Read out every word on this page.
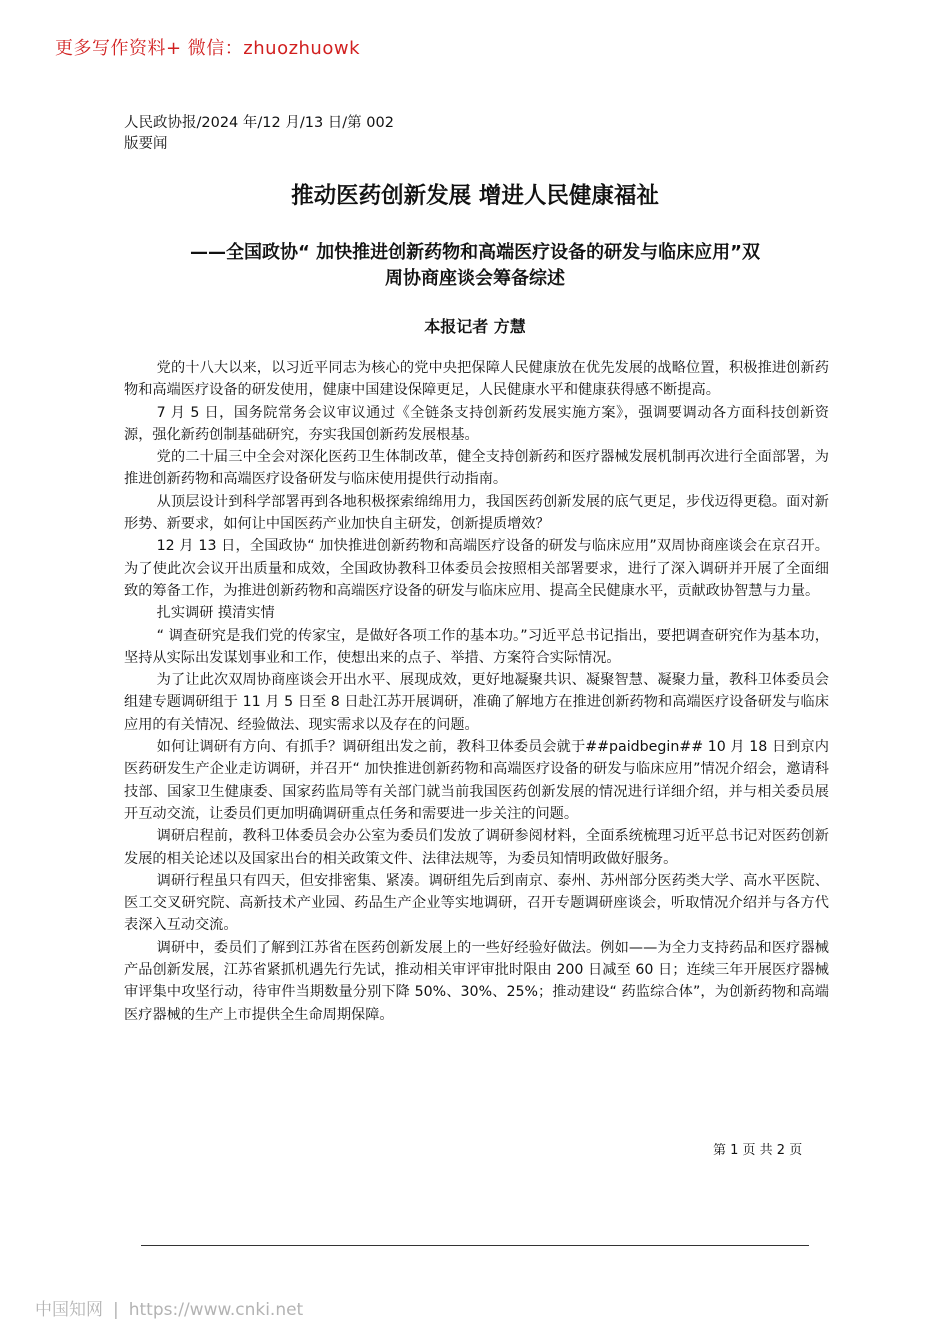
更多写作资料+ 微信：zhuozhuowk
人民政协报/2024 年/12 月/13 日/第 002
版要闻
推动医药创新发展 增进人民健康福祉
——全国政协“ 加快推进创新药物和高端医疗设备的研发与临床应用”双
周协商座谈会筹备综述
本报记者 方慧

党的十八大以来，以习近平同志为核心的党中央把保障人民健康放在优先发展的战略位置，积极推进创新药物和高端医疗设备的研发使用，健康中国建设保障更足，人民健康水平和健康获得感不断提高。

7 月 5 日，国务院常务会议审议通过《全链条支持创新药发展实施方案》，强调要调动各方面科技创新资源，强化新药创制基础研究，夯实我国创新药发展根基。

党的二十届三中全会对深化医药卫生体制改革，健全支持创新药和医疗器械发展机制再次进行全面部署，为推进创新药物和高端医疗设备研发与临床使用提供行动指南。

从顶层设计到科学部署再到各地积极探索绵绵用力，我国医药创新发展的底气更足，步伐迈得更稳。面对新形势、新要求，如何让中国医药产业加快自主研发，创新提质增效？

12 月 13 日，全国政协“ 加快推进创新药物和高端医疗设备的研发与临床应用”双周协商座谈会在京召开。为了使此次会议开出质量和成效，全国政协教科卫体委员会按照相关部署要求，进行了深入调研并开展了全面细致的筹备工作，为推进创新药物和高端医疗设备的研发与临床应用、提高全民健康水平，贡献政协智慧与力量。

扎实调研 摸清实情

“ 调查研究是我们党的传家宝，是做好各项工作的基本功。”习近平总书记指出，要把调查研究作为基本功，坚持从实际出发谋划事业和工作，使想出来的点子、举措、方案符合实际情况。

为了让此次双周协商座谈会开出水平、展现成效，更好地凝聚共识、凝聚智慧、凝聚力量，教科卫体委员会组建专题调研组于 11 月 5 日至 8 日赴江苏开展调研，准确了解地方在推进创新药物和高端医疗设备研发与临床应用的有关情况、经验做法、现实需求以及存在的问题。

如何让调研有方向、有抓手？调研组出发之前，教科卫体委员会就于##paidbegin## 10 月 18 日到京内医药研发生产企业走访调研，并召开“ 加快推进创新药物和高端医疗设备的研发与临床应用”情况介绍会，邀请科技部、国家卫生健康委、国家药监局等有关部门就当前我国医药创新发展的情况进行详细介绍，并与相关委员展开互动交流，让委员们更加明确调研重点任务和需要进一步关注的问题。

调研启程前，教科卫体委员会办公室为委员们发放了调研参阅材料，全面系统梳理习近平总书记对医药创新发展的相关论述以及国家出台的相关政策文件、法律法规等，为委员知情明政做好服务。

调研行程虽只有四天，但安排密集、紧凑。调研组先后到南京、泰州、苏州部分医药类大学、高水平医院、医工交叉研究院、高新技术产业园、药品生产企业等实地调研，召开专题调研座谈会，听取情况介绍并与各方代表深入互动交流。

调研中，委员们了解到江苏省在医药创新发展上的一些好经验好做法。例如——为全力支持药品和医疗器械产品创新发展，江苏省紧抓机遇先行先试，推动相关审评审批时限由 200 日减至 60 日；连续三年开展医疗器械审评集中攻坚行动，待审件当期数量分别下降 50%、30%、25%；推动建设“ 药监综合体”，为创新药物和高端医疗器械的生产上市提供全生命周期保障。

第 1 页 共 2 页
中国知网 | https://www.cnki.net
